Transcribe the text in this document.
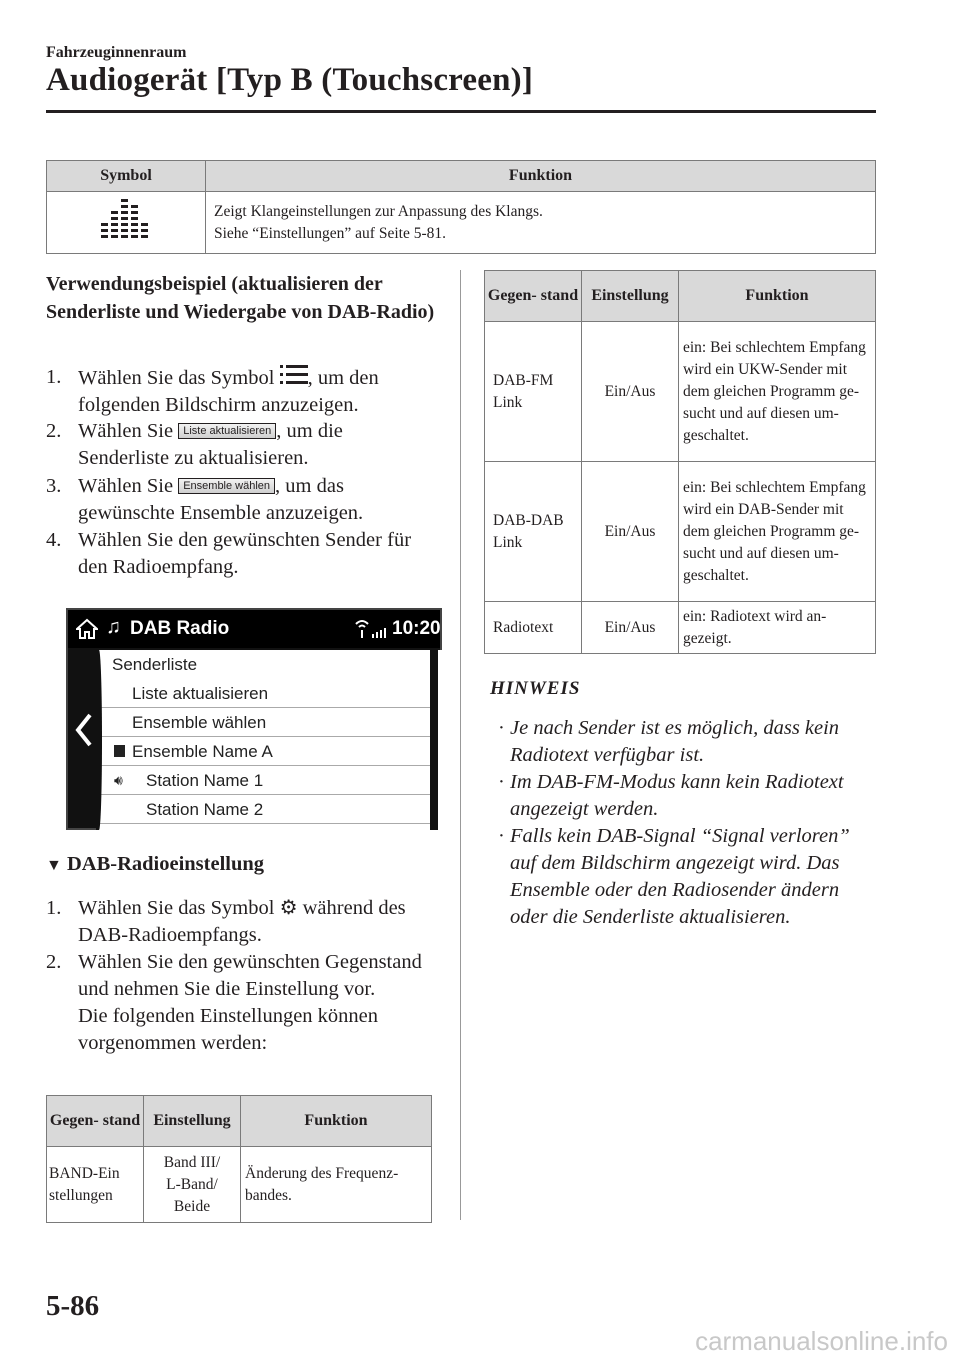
Fahrzeuginnenraum
Audiogerät [Typ B (Touchscreen)]
Symbol	Funktion

Zeigt Klangeinstellungen zur Anpassung des Klangs.
Siehe “Einstellungen” auf Seite 5-81.
Verwendungsbeispiel (aktualisieren der Senderliste und Wiedergabe von DAB-Radio)
1. Wählen Sie das Symbol , um den folgenden Bildschirm anzuzeigen.
2. Wählen Sie Liste aktualisieren , um die Senderliste zu aktualisieren.
3. Wählen Sie Ensemble wählen , um das gewünschte Ensemble anzuzeigen.
4. Wählen Sie den gewünschten Sender für den Radioempfang.
♫ DAB Radio	10:20
Senderliste
Liste aktualisieren
Ensemble wählen
Ensemble Name A
🔊︎ Station Name 1
Station Name 2
▼ DAB-Radioeinstellung
1. Wählen Sie das Symbol ⚙ während des DAB-Radioempfangs.
2. Wählen Sie den gewünschten Gegenstand und nehmen Sie die Einstellung vor.
Die folgenden Einstellungen können vorgenommen werden:
Gegen- stand	Einstellung	Funktion
BAND-Ein stellungen	Band III/ L-Band/ Beide	Änderung des Frequenz- bandes.
Gegen- stand	Einstellung	Funktion
DAB-FM Link	Ein/Aus	ein: Bei schlechtem Empfang wird ein UKW-Sender mit dem gleichen Programm ge- sucht und auf diesen um- geschaltet.
DAB-DAB Link	Ein/Aus	ein: Bei schlechtem Empfang wird ein DAB-Sender mit dem gleichen Programm ge- sucht und auf diesen um- geschaltet.
Radiotext	Ein/Aus	ein: Radiotext wird an- gezeigt.
HINWEIS
· Je nach Sender ist es möglich, dass kein Radiotext verfügbar ist.
· Im DAB-FM-Modus kann kein Radiotext angezeigt werden.
· Falls kein DAB-Signal “Signal verloren” auf dem Bildschirm angezeigt wird. Das Ensemble oder den Radiosender ändern oder die Senderliste aktualisieren.
5-86
carmanualsonline.info
